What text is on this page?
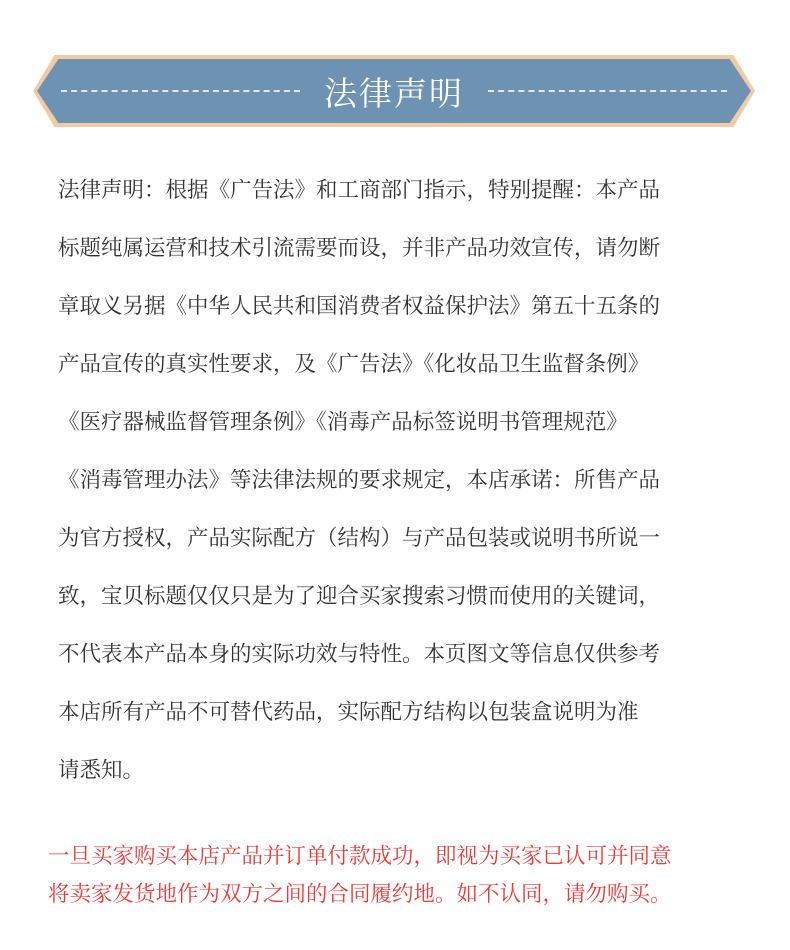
法律声明
法律声明：根据《广告法》和工商部门指示，特别提醒：本产品
标题纯属运营和技术引流需要而设，并非产品功效宣传，请勿断
章取义另据《中华人民共和国消费者权益保护法》第五十五条的
产品宣传的真实性要求，及《广告法》《化妆品卫生监督条例》
《医疗器械监督管理条例》《消毒产品标签说明书管理规范》
《消毒管理办法》等法律法规的要求规定，本店承诺：所售产品
为官方授权，产品实际配方（结构）与产品包装或说明书所说一
致，宝贝标题仅仅只是为了迎合买家搜索习惯而使用的关键词，
不代表本产品本身的实际功效与特性。本页图文等信息仅供参考
本店所有产品不可替代药品，实际配方结构以包装盒说明为准
请悉知。
一旦买家购买本店产品并订单付款成功，即视为买家已认可并同意
将卖家发货地作为双方之间的合同履约地。如不认同，请勿购买。
